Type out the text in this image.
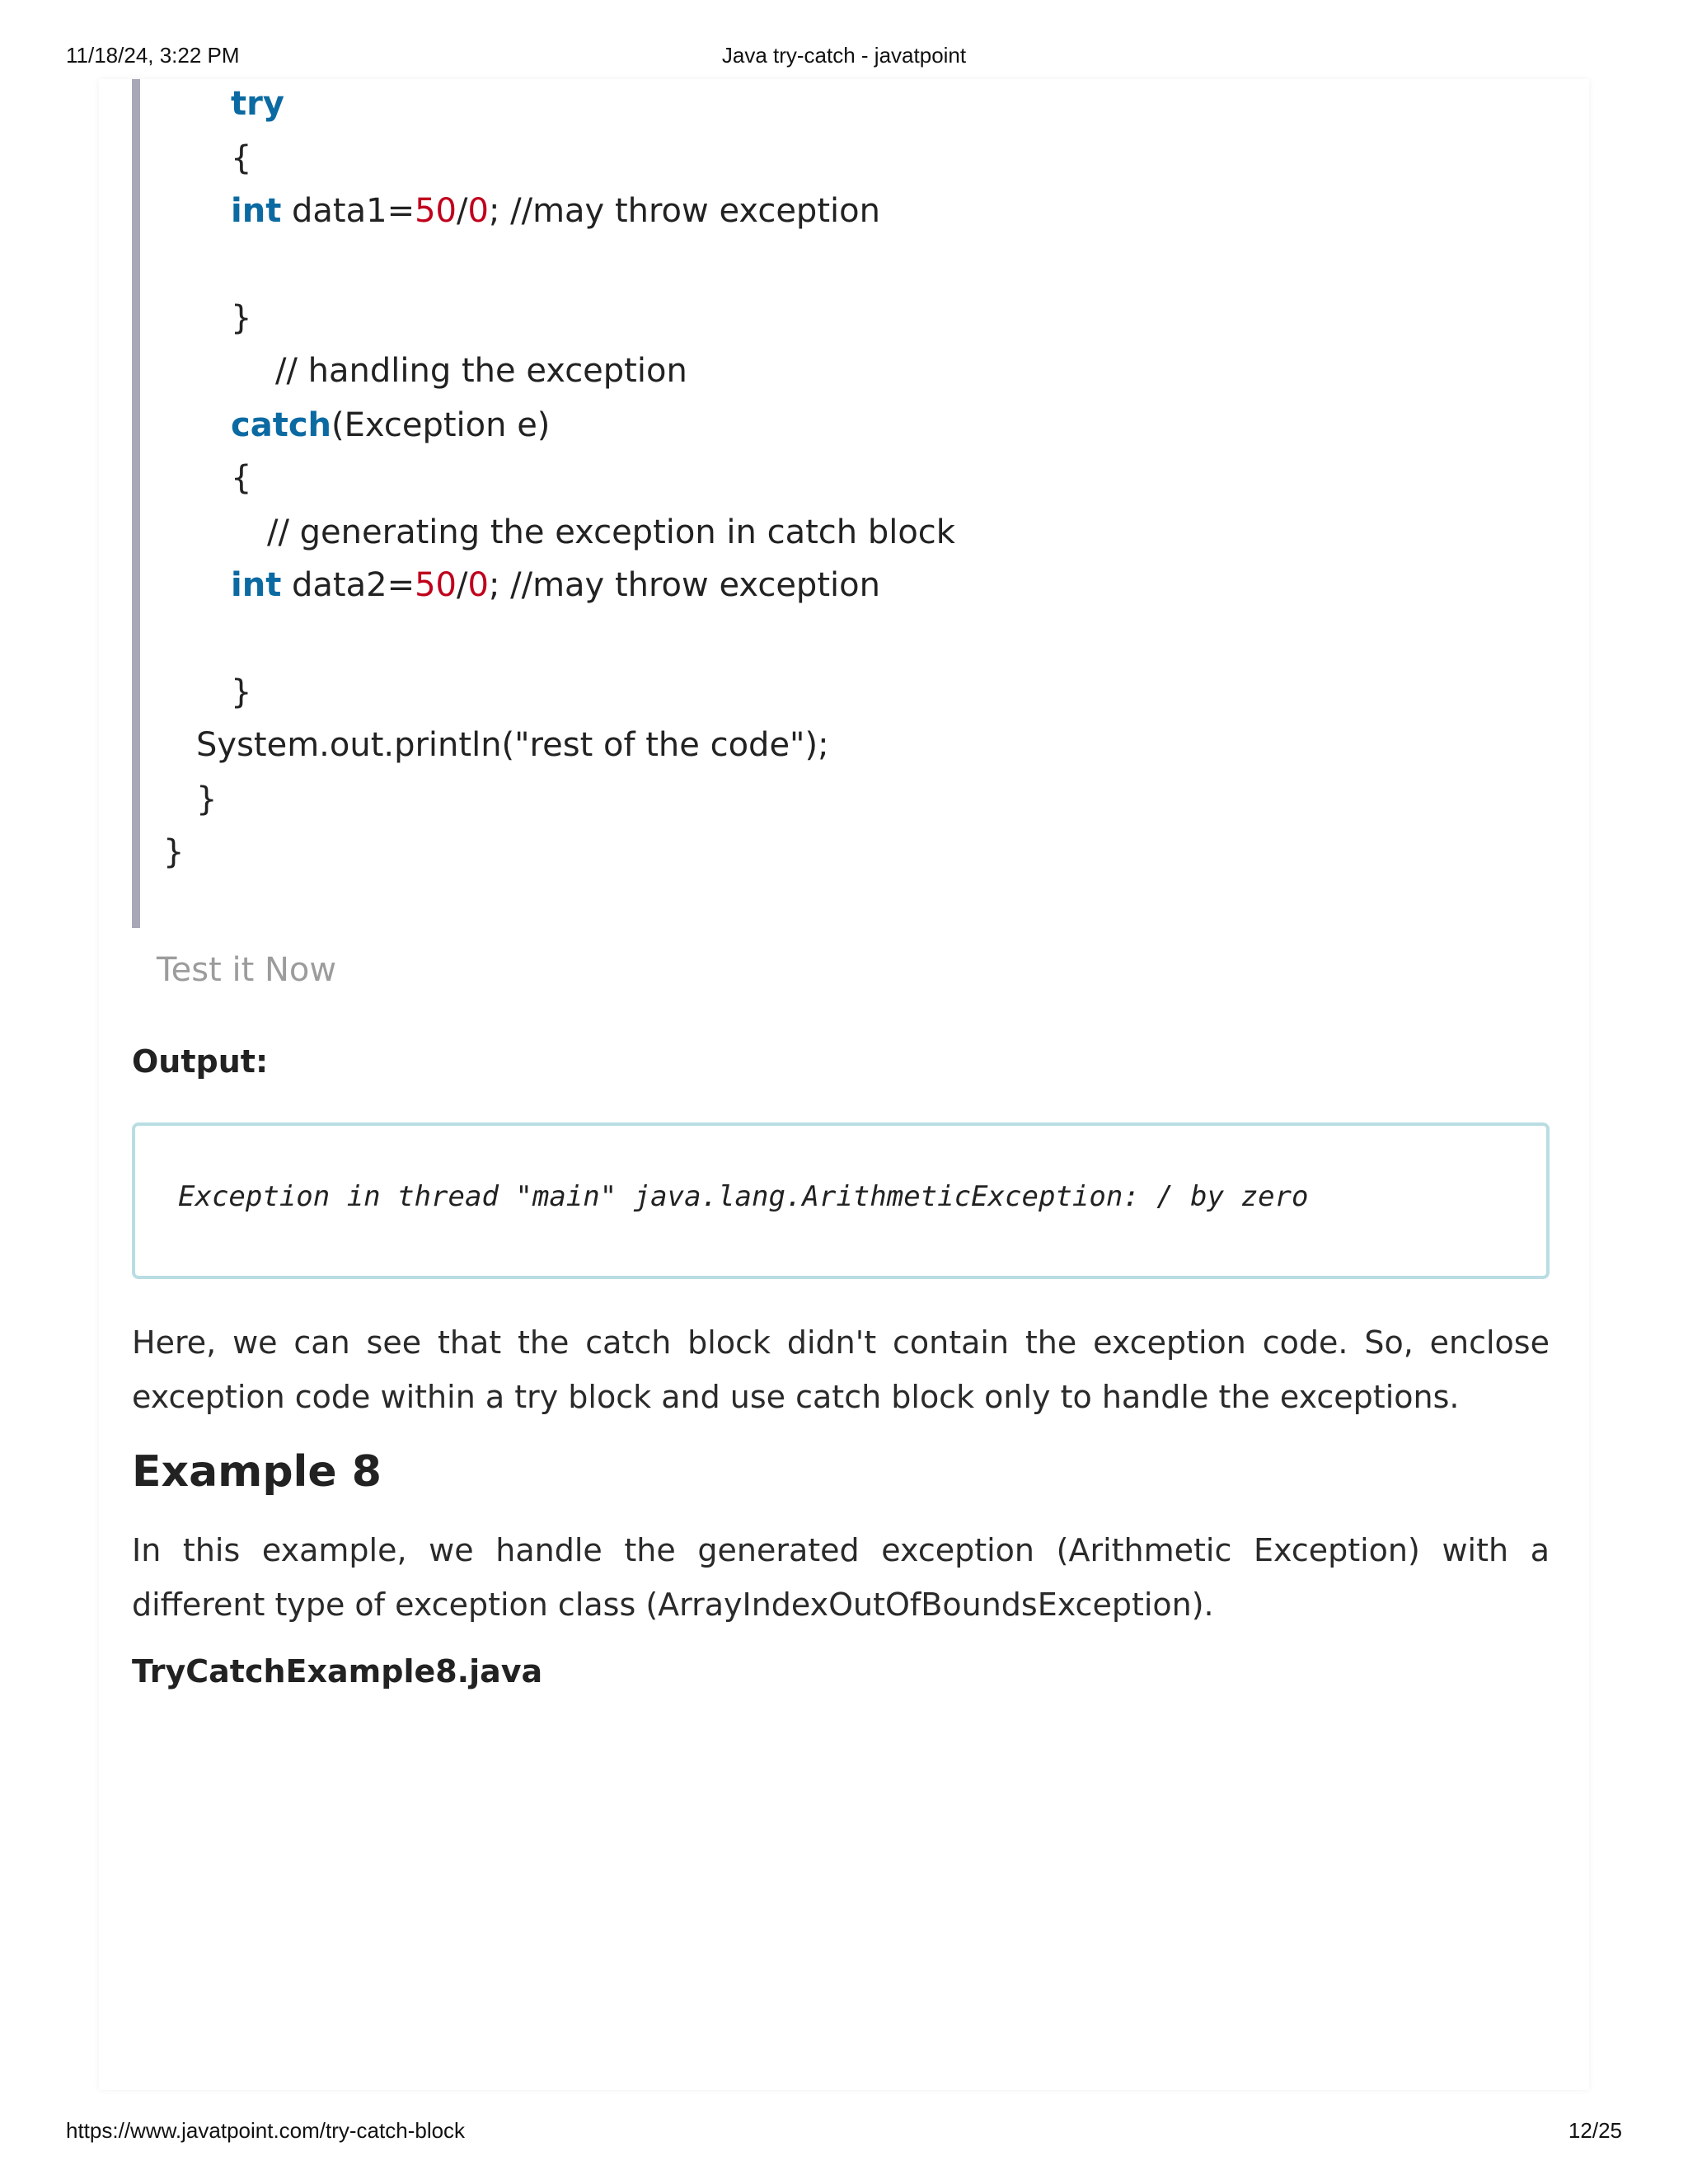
11/18/24, 3:22 PM	Java try-catch - javatpoint
try
{
int data1=50/0; //may throw exception
}
// handling the exception
catch(Exception e)
{
// generating the exception in catch block
int data2=50/0; //may throw exception
}
System.out.println("rest of the code");
}
}
Test it Now
Output:
Exception in thread "main" java.lang.ArithmeticException: / by zero
Here, we can see that the catch block didn't contain the exception code. So, enclose exception code within a try block and use catch block only to handle the exceptions.
Example 8
In this example, we handle the generated exception (Arithmetic Exception) with a different type of exception class (ArrayIndexOutOfBoundsException).
TryCatchExample8.java
https://www.javatpoint.com/try-catch-block	12/25
